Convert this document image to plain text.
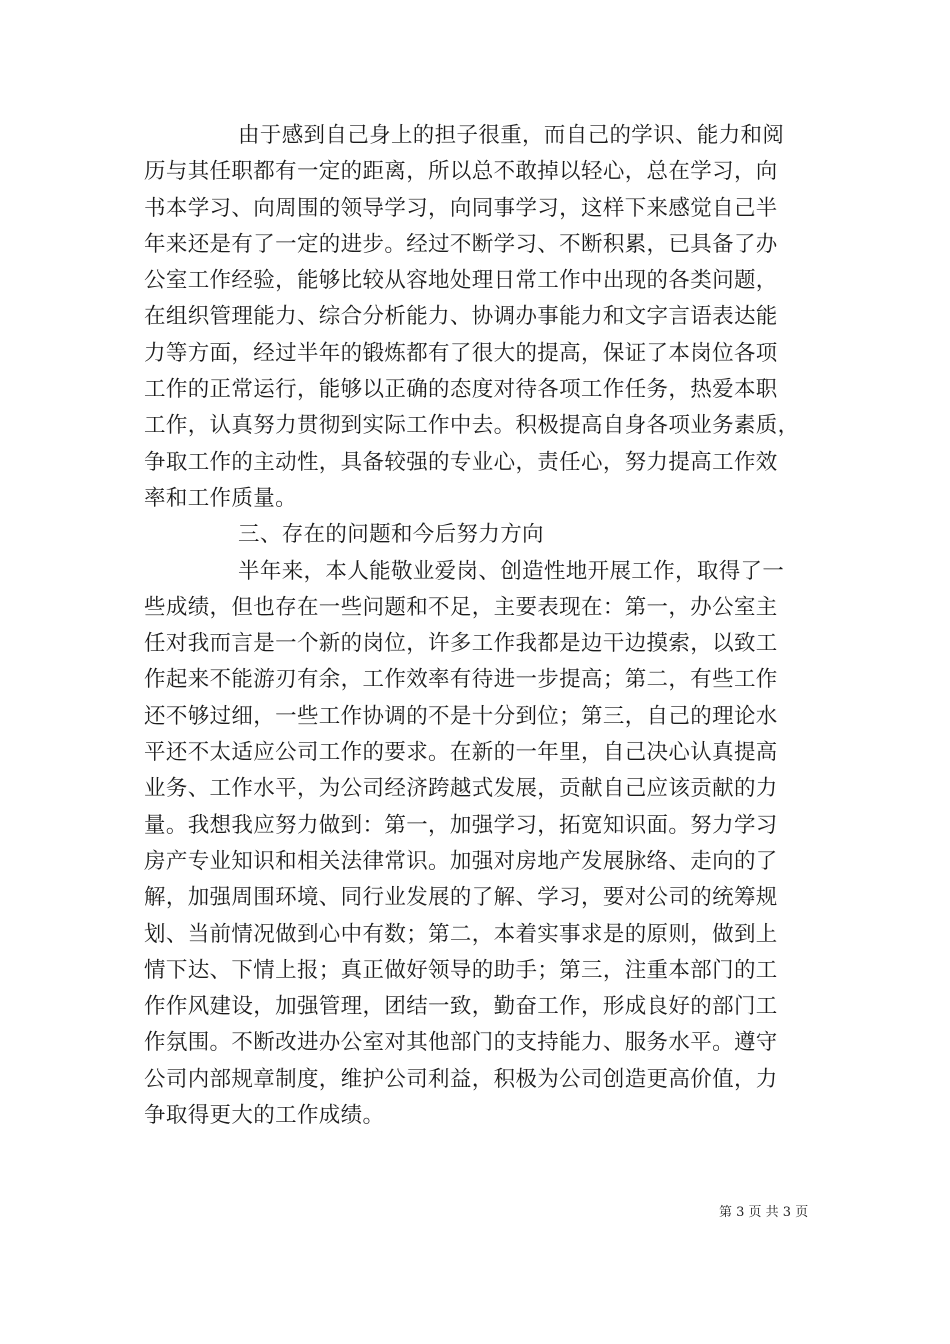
由于感到自己身上的担子很重，而自己的学识、能力和阅
历与其任职都有一定的距离，所以总不敢掉以轻心，总在学习，向
书本学习、向周围的领导学习，向同事学习，这样下来感觉自己半
年来还是有了一定的进步。经过不断学习、不断积累，已具备了办
公室工作经验，能够比较从容地处理日常工作中出现的各类问题，
在组织管理能力、综合分析能力、协调办事能力和文字言语表达能
力等方面，经过半年的锻炼都有了很大的提高，保证了本岗位各项
工作的正常运行，能够以正确的态度对待各项工作任务，热爱本职
工作，认真努力贯彻到实际工作中去。积极提高自身各项业务素质，
争取工作的主动性，具备较强的专业心，责任心，努力提高工作效
率和工作质量。
三、存在的问题和今后努力方向
半年来，本人能敬业爱岗、创造性地开展工作，取得了一
些成绩，但也存在一些问题和不足，主要表现在：第一，办公室主
任对我而言是一个新的岗位，许多工作我都是边干边摸索，以致工
作起来不能游刃有余，工作效率有待进一步提高；第二，有些工作
还不够过细，一些工作协调的不是十分到位；第三，自己的理论水
平还不太适应公司工作的要求。在新的一年里，自己决心认真提高
业务、工作水平，为公司经济跨越式发展，贡献自己应该贡献的力
量。我想我应努力做到：第一，加强学习，拓宽知识面。努力学习
房产专业知识和相关法律常识。加强对房地产发展脉络、走向的了
解，加强周围环境、同行业发展的了解、学习，要对公司的统筹规
划、当前情况做到心中有数；第二，本着实事求是的原则，做到上
情下达、下情上报；真正做好领导的助手；第三，注重本部门的工
作作风建设，加强管理，团结一致，勤奋工作，形成良好的部门工
作氛围。不断改进办公室对其他部门的支持能力、服务水平。遵守
公司内部规章制度，维护公司利益，积极为公司创造更高价值，力
争取得更大的工作成绩。
第 3 页 共 3 页
